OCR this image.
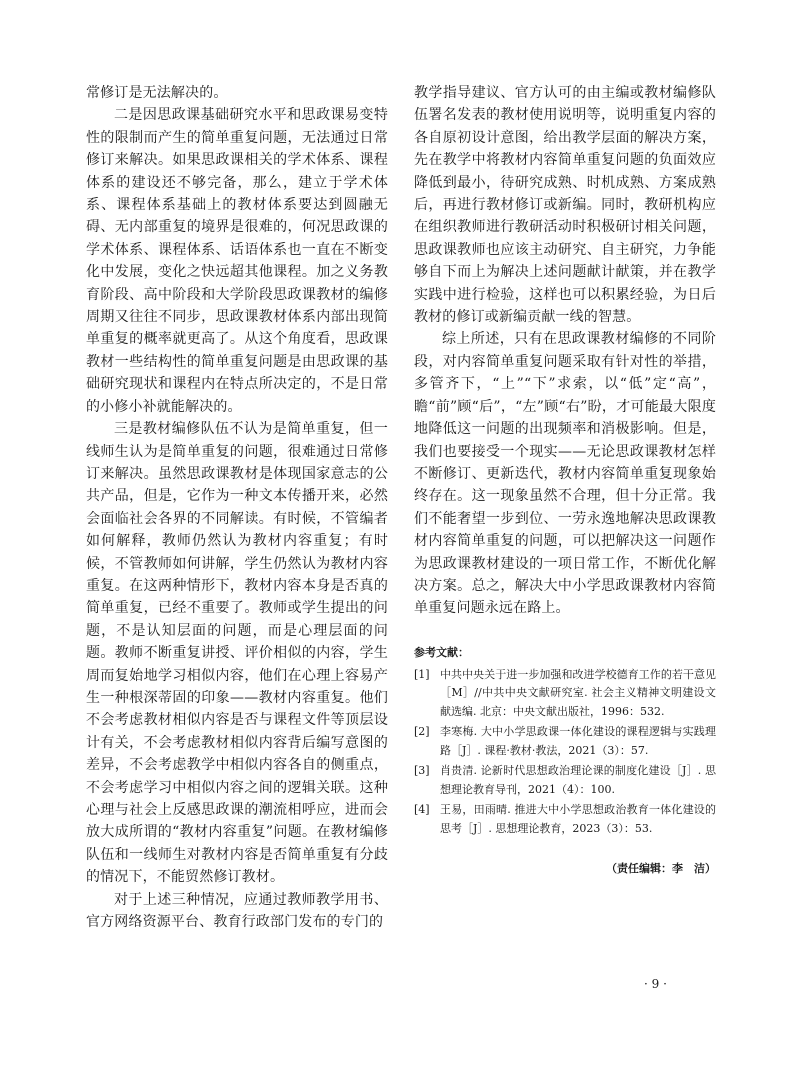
常修订是无法解决的。

二是因思政课基础研究水平和思政课易变特性的限制而产生的简单重复问题，无法通过日常修订来解决。如果思政课相关的学术体系、课程体系的建设还不够完备，那么，建立于学术体系、课程体系基础上的教材体系要达到圆融无碍、无内部重复的境界是很难的，何况思政课的学术体系、课程体系、话语体系也一直在不断变化中发展，变化之快远超其他课程。加之义务教育阶段、高中阶段和大学阶段思政课教材的编修周期又往往不同步，思政课教材体系内部出现简单重复的概率就更高了。从这个角度看，思政课教材一些结构性的简单重复问题是由思政课的基础研究现状和课程内在特点所决定的，不是日常的小修小补就能解决的。

三是教材编修队伍不认为是简单重复，但一线师生认为是简单重复的问题，很难通过日常修订来解决。虽然思政课教材是体现国家意志的公共产品，但是，它作为一种文本传播开来，必然会面临社会各界的不同解读。有时候，不管编者如何解释，教师仍然认为教材内容重复；有时候，不管教师如何讲解，学生仍然认为教材内容重复。在这两种情形下，教材内容本身是否真的简单重复，已经不重要了。教师或学生提出的问题，不是认知层面的问题，而是心理层面的问题。教师不断重复讲授、评价相似的内容，学生周而复始地学习相似内容，他们在心理上容易产生一种根深蒂固的印象——教材内容重复。他们不会考虑教材相似内容是否与课程文件等顶层设计有关，不会考虑教材相似内容背后编写意图的差异，不会考虑教学中相似内容各自的侧重点，不会考虑学习中相似内容之间的逻辑关联。这种心理与社会上反感思政课的潮流相呼应，进而会放大成所谓的“教材内容重复”问题。在教材编修队伍和一线师生对教材内容是否简单重复有分歧的情况下，不能贸然修订教材。

对于上述三种情况，应通过教师教学用书、官方网络资源平台、教育行政部门发布的专门的

教学指导建议、官方认可的由主编或教材编修队伍署名发表的教材使用说明等，说明重复内容的各自原初设计意图，给出教学层面的解决方案，先在教学中将教材内容简单重复问题的负面效应降低到最小，待研究成熟、时机成熟、方案成熟后，再进行教材修订或新编。同时，教研机构应在组织教师进行教研活动时积极研讨相关问题，思政课教师也应该主动研究、自主研究，力争能够自下而上为解决上述问题献计献策，并在教学实践中进行检验，这样也可以积累经验，为日后教材的修订或新编贡献一线的智慧。

综上所述，只有在思政课教材编修的不同阶段，对内容简单重复问题采取有针对性的举措，多管齐下，“上”“下”求索，以“低”定“高”，瞻“前”顾“后”，“左”顾“右”盼，才可能最大限度地降低这一问题的出现频率和消极影响。但是，我们也要接受一个现实——无论思政课教材怎样不断修订、更新迭代，教材内容简单重复现象始终存在。这一现象虽然不合理，但十分正常。我们不能奢望一步到位、一劳永逸地解决思政课教材内容简单重复的问题，可以把解决这一问题作为思政课教材建设的一项日常工作，不断优化解决方案。总之，解决大中小学思政课教材内容简单重复问题永远在路上。

参考文献：
[1] 中共中央关于进一步加强和改进学校德育工作的若干意见［M］//中共中央文献研究室. 社会主义精神文明建设文献选编. 北京：中央文献出版社，1996：532.
[2] 李寒梅. 大中小学思政课一体化建设的课程逻辑与实践理路［J］. 课程·教材·教法，2021（3）：57.
[3] 肖贵清. 论新时代思想政治理论课的制度化建设［J］. 思想理论教育导刊，2021（4）：100.
[4] 王易，田雨晴. 推进大中小学思想政治教育一体化建设的思考［J］. 思想理论教育，2023（3）：53.
（责任编辑：李　洁）
· 9 ·
